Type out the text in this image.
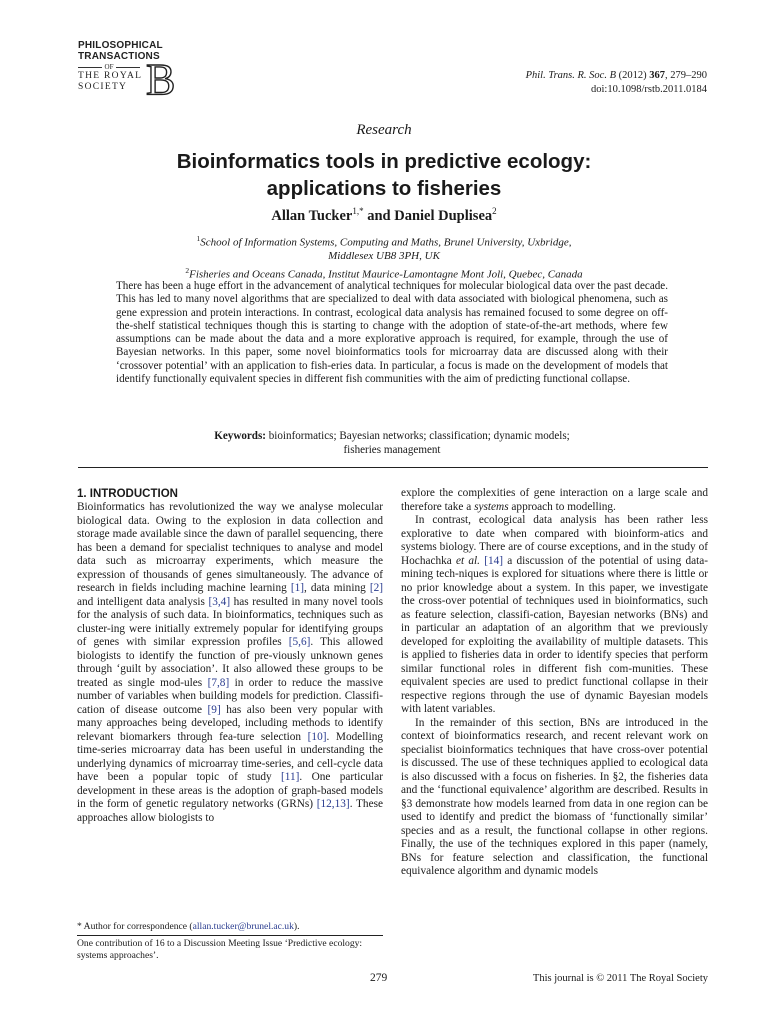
PHILOSOPHICAL
TRANSACTIONS
OF
THE ROYAL
SOCIETY B	Phil. Trans. R. Soc. B (2012) 367, 279–290
doi:10.1098/rstb.2011.0184
Research
Bioinformatics tools in predictive ecology:
applications to fisheries
Allan Tucker$^{1,*}$ and Daniel Duplisea$^2$
$^1$School of Information Systems, Computing and Maths, Brunel University, Uxbridge,
Middlesex UB8 3PH, UK
$^2$Fisheries and Oceans Canada, Institut Maurice-Lamontagne Mont Joli, Quebec, Canada
There has been a huge effort in the advancement of analytical techniques for molecular biological data over the past decade. This has led to many novel algorithms that are specialized to deal with data associated with biological phenomena, such as gene expression and protein interactions. In contrast, ecological data analysis has remained focused to some degree on off-the-shelf statistical techniques though this is starting to change with the adoption of state-of-the-art methods, where few assumptions can be made about the data and a more explorative approach is required, for example, through the use of Bayesian networks. In this paper, some novel bioinformatics tools for microarray data are discussed along with their ‘crossover potential’ with an application to fish-eries data. In particular, a focus is made on the development of models that identify functionally equivalent species in different fish communities with the aim of predicting functional collapse.
Keywords: bioinformatics; Bayesian networks; classification; dynamic models;
fisheries management

1. INTRODUCTION

Bioinformatics has revolutionized the way we analyse molecular biological data. Owing to the explosion in data collection and storage made available since the dawn of parallel sequencing, there has been a demand for specialist techniques to analyse and model data such as microarray experiments, which measure the expression of thousands of genes simultaneously. The advance of research in fields including machine learning [1], data mining [2] and intelligent data analysis [3,4] has resulted in many novel tools for the analysis of such data. In bioinformatics, techniques such as cluster-ing were initially extremely popular for identifying groups of genes with similar expression profiles [5,6]. This allowed biologists to identify the function of pre-viously unknown genes through ‘guilt by association’. It also allowed these groups to be treated as single mod-ules [7,8] in order to reduce the massive number of variables when building models for prediction. Classifi-cation of disease outcome [9] has also been very popular with many approaches being developed, including methods to identify relevant biomarkers through fea-ture selection [10]. Modelling time-series microarray data has been useful in understanding the underlying dynamics of microarray time-series, and cell-cycle data have been a popular topic of study [11]. One particular development in these areas is the adoption of graph-based models in the form of genetic regulatory networks (GRNs) [12,13]. These approaches allow biologists to

explore the complexities of gene interaction on a large scale and therefore take a systems approach to modelling.

In contrast, ecological data analysis has been rather less explorative to date when compared with bioinform-atics and systems biology. There are of course exceptions, and in the study of Hochachka et al. [14] a discussion of the potential of using data-mining tech-niques is explored for situations where there is little or no prior knowledge about a system. In this paper, we investigate the cross-over potential of techniques used in bioinformatics, such as feature selection, classifi-cation, Bayesian networks (BNs) and in particular an adaptation of an algorithm that we previously developed for exploiting the availability of multiple datasets. This is applied to fisheries data in order to identify species that perform similar functional roles in different fish com-munities. These equivalent species are used to predict functional collapse in their respective regions through the use of dynamic Bayesian models with latent variables.

In the remainder of this section, BNs are introduced in the context of bioinformatics research, and recent relevant work on specialist bioinformatics techniques that have cross-over potential is discussed. The use of these techniques applied to ecological data is also discussed with a focus on fisheries. In §2, the fisheries data and the ‘functional equivalence’ algorithm are described. Results in §3 demonstrate how models learned from data in one region can be used to identify and predict the biomass of ‘functionally similar’ species and as a result, the functional collapse in other regions. Finally, the use of the techniques explored in this paper (namely, BNs for feature selection and classification, the functional equivalence algorithm and dynamic models

* Author for correspondence (allan.tucker@brunel.ac.uk).
One contribution of 16 to a Discussion Meeting Issue ‘Predictive ecology: systems approaches’.
279	This journal is © 2011 The Royal Society
